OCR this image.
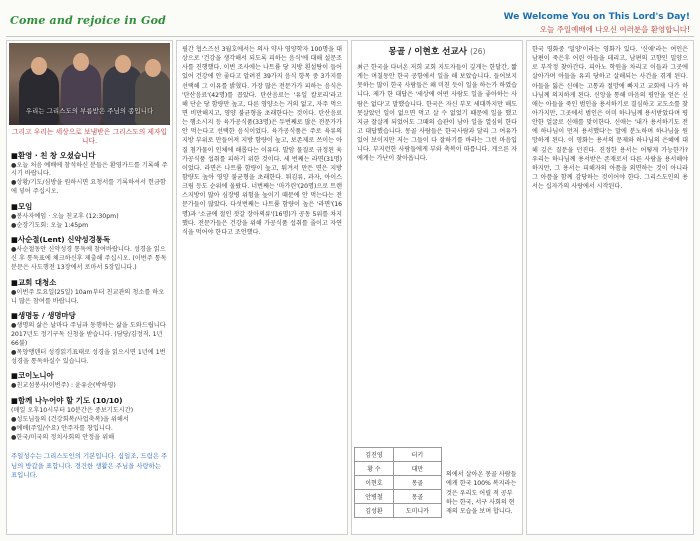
Come and rejoice in God	We Welcome You on This Lord's Day!
오늘 주일예배에 나오신 여러분을 환영합니다!
우리는 그리스도의 부름받은 주님의 종입니다
그리고 우리는 세상으로 보냄받은 그리스도의 제자입니다.
■환영 · 친 창 오셨습니다
●오늘 처음 예배에 참석하신 분들은 환영카드를 기록해 주시기 바랍니다.
●상황/기도/심방을 원하시면 요청서를 기록하셔서 헌금함에 넣어 주십시오.
■모임
●봉사자예임 · 오늘 친교후 (12:30pm)
●순장기도회: 오늘 1:45pm
■사순절(Lent) 신약성경통독
●사순절동안 신약성경 통독에 참여바랍니다. 성경을 읽으신 후 통독표에 체크하신후 제출해 주십시오. (이번주 통독 분문은 사도행전 13장에서 로마서 5장입니다.)
■교회 대청소
●이번주 토요일(25일) 10am부터 친교관의 청소를 하오니 많은 참여를 바랍니다.
■생명동 / 생명마당
●생명의 삶은 날마다 주님과 동행하는 삶을 도와드립니다 2017년도 정기구독 신청을 받습니다. (담당/김정직, 1년 66불)
●목양앵덴터 성경읽기표태로 성경을 읽으시면 1년에 1번 성경을 통독하실수 있습니다.
■코이노니아
●친교섬봉사(이번주) : 윤유순(박하영)
■함께 나누어야 할 기도 (10/10)
(매일 오후10시부터 10분간은 중보기도시간)
●성도님들의 (건강회복/사업축복)을 위해서
●예배(주일/수요) 안주자를 창입니다.
●한국/미국의 정치사회의 안정을 위해
주일성수는 그리스도인의 기본입니다. 십일조, 드림은 주님의 방갑을 표합니다. 경건한 생활은 주님을 사랑하는 표입니다.
필간 협스즈선 3월호에서는 의사 약사 영양학자 100명을 대상으로 '건강을 생각해서 되도록 피하는 음식'에 대해 설문조사를 진행했다. 이번 조사에는 나트륨 당 지방 흰설탕이 들어 있어 건강에 안 좋다고 알려진 39가지 음식 항목 중 3가지를 선택해 그 이유를 밝혔다. 가장 많은 전문가가 피하는 음식은 '탄산음료'(42명)를 꼽았다. 탄산음료는 '유일 칼로리'라고 해 단순 당 함량만 높고, 다른 영양소는 거의 없고, 자주 먹으면 비만해지고, 영양 불균형을 초래한다는 것이다. 탄산음료는 햄소시지 등 육가공식품(33명)은 두번째로 많은 전문가가 안 먹는다고 선택한 음식이었다. 육가공식품은 주로 육류의 지방 부위로 만들어져 지방 함량이 높고, 보존제로 쓰이는 아질 첨가물이 인체에 해롭다는 이유다. 발암 물질로 규정된 육가공식품 섭취를 피하기 위한 것이다. 세 번째는 라면(31명)이었다. 라면은 나트륨 함량이 높고, 튀겨서 만든 면은 지방 함량도 높아 영양 불균형을 초래한다. 튀김류, 과자, 아이스크림 등도 순위에 올랐다. 너번째는 '마가린'(20명)으로 트랜스지방이 많아 심장병 위험을 높이기 때문에 안 먹는다는 전문가들이 많았다. 다섯번째는 나트륨 함량이 높은 '라면'(16명)과 '소금에 절인 젓갈 장아찌류'(16명)가 공동 5위를 차지했다. 전문가들은 건강을 위해 가공식품 섭취를 줄이고 자연식을 먹어야 한다고 조언했다.
몽골 / 이현호 선교사 (26)
최근 한국을 다녀온 저희 교회 지도자들이 깊게는 한달간, 짧게는 며칠동안 한국 공항에서 일을 해 보았습니다. 들어보지 못하는 많이 한국 사람들은 왜 미친 듯이 일을 하는가 하였습니다. 제가 한 대답은 '세상에 어떤 사람도 일을 좋아하는 사람은 없다'고 말했습니다. 한국은 자신 부모 세대까지만 해도 못살았던 일이 없으면 먹고 살 수 없었기 때문에 일을 했고 지금 잘살게 되었어도 그때의 습관이 남아 일을 열심히 한다고 대답했습니다. 몽골 사람들은 한국사람과 달리 그 여유가 있어 보이지만 저는 그들이 다 잘하기를 바라는 그런 마음입니다. 부지런한 사람들에게 부와 축복이 따릅니다. 게으른 자에게는 가난이 찾아옵니다.
김진영	터키
황 수	대만
이현호	몽골
안병철	몽골
김성환	도미니카
의에서 살아온 몽골 사람들에게 한국 100% 복지라는 것은 우리도 어릴 적 공부하는 한국, 서구 사회의 현재의 모습을 보며 합니다.
한국 영화중 '밀양'이라는 영화가 있다. '신애'라는 여인은 남편이 죽은후 어린 아들을 데리고, 남편의 고향인 밀양으로 부작정 찾아간다. 피아노 학원을 차리고 이들과 그곳에 살아가며 아들을 유괴 당하고 살해되는 사건을 겪게 된다. 아들을 잃은 신애는 고통과 절망에 빠지고 교회에 나가 하나님께 의지하게 된다. 신앙을 통해 마음의 평안을 얻은 신애는 아들을 죽인 범인을 용서하기로 결심하고 교도소를 찾아가지만, 그곳에서 범인은 이미 하나님께 용서받았다며 평안한 얼굴로 신애를 맞이한다. 신애는 '내가 용서하기도 전에 하나님이 먼저 용서했다'는 말에 분노하며 하나님을 원망하게 된다. 이 영화는 용서의 문제와 하나님의 은혜에 대해 깊은 질문을 던진다. 진정한 용서는 어떻게 가능한가? 우리는 하나님께 용서받은 존재로서 다른 사람을 용서해야 하지만, 그 용서는 피해자의 아픔을 외면하는 것이 아니라 그 아픔을 함께 감당하는 것이어야 한다. 그리스도인의 용서는 십자가의 사랑에서 시작된다.
